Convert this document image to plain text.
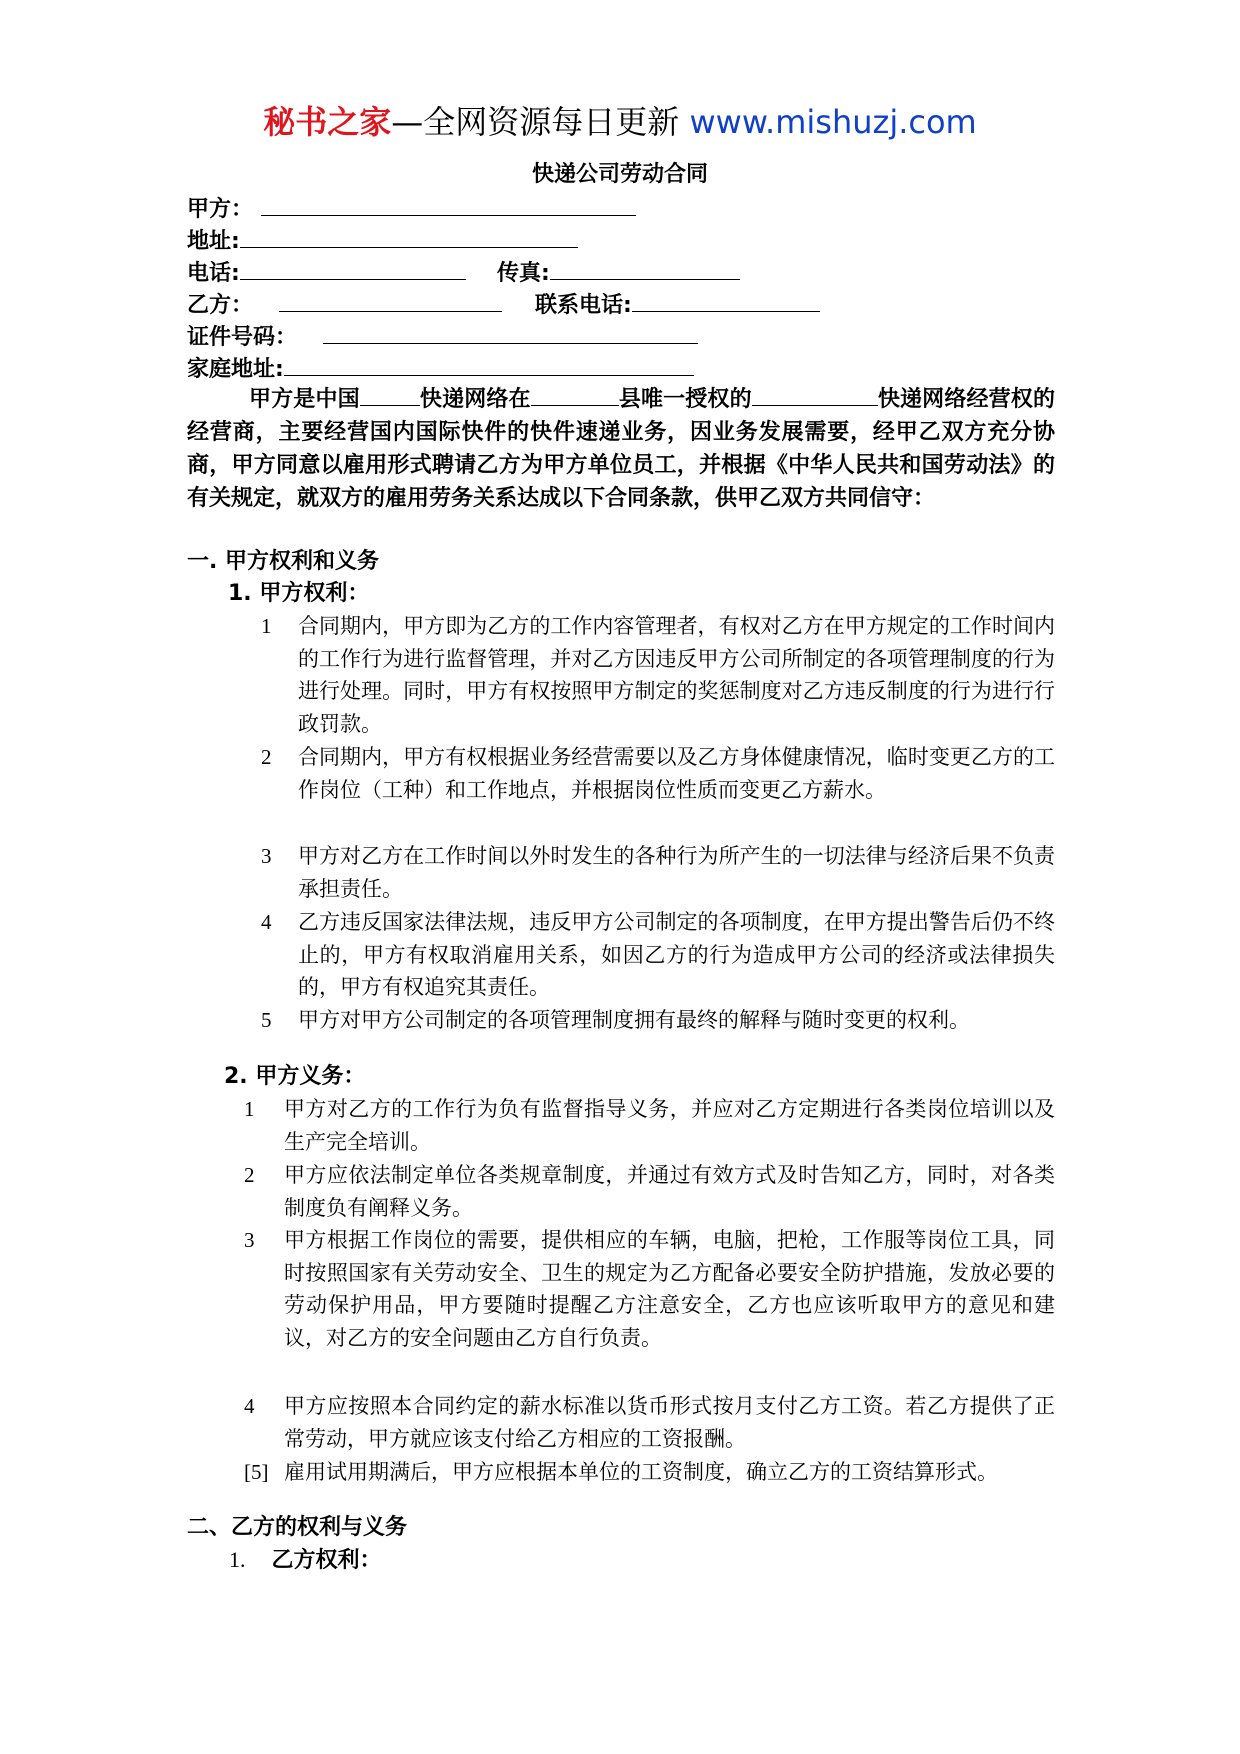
秘书之家—全网资源每日更新 www.mishuzj.com
快递公司劳动合同
甲方：
地址:
电话:	传真:
乙方：	联系电话:
证件号码：
家庭地址:
甲方是中国	快递网络在	县唯一授权的	快递网络经营权的经营商，主要经营国内国际快件的快件速递业务，因业务发展需要，经甲乙双方充分协商，甲方同意以雇用形式聘请乙方为甲方单位员工，并根据《中华人民共和国劳动法》的有关规定，就双方的雇用劳务关系达成以下合同条款，供甲乙双方共同信守：
一. 甲方权利和义务
1. 甲方权利：
1 合同期内，甲方即为乙方的工作内容管理者，有权对乙方在甲方规定的工作时间内的工作行为进行监督管理，并对乙方因违反甲方公司所制定的各项管理制度的行为进行处理。同时，甲方有权按照甲方制定的奖惩制度对乙方违反制度的行为进行行政罚款。
2 合同期内，甲方有权根据业务经营需要以及乙方身体健康情况，临时变更乙方的工作岗位（工种）和工作地点，并根据岗位性质而变更乙方薪水。
3 甲方对乙方在工作时间以外时发生的各种行为所产生的一切法律与经济后果不负责承担责任。
4 乙方违反国家法律法规，违反甲方公司制定的各项制度，在甲方提出警告后仍不终止的，甲方有权取消雇用关系，如因乙方的行为造成甲方公司的经济或法律损失的，甲方有权追究其责任。
5 甲方对甲方公司制定的各项管理制度拥有最终的解释与随时变更的权利。
2. 甲方义务：
1 甲方对乙方的工作行为负有监督指导义务，并应对乙方定期进行各类岗位培训以及生产完全培训。
2 甲方应依法制定单位各类规章制度，并通过有效方式及时告知乙方，同时，对各类制度负有阐释义务。
3 甲方根据工作岗位的需要，提供相应的车辆，电脑，把枪，工作服等岗位工具，同时按照国家有关劳动安全、卫生的规定为乙方配备必要安全防护措施，发放必要的劳动保护用品，甲方要随时提醒乙方注意安全，乙方也应该听取甲方的意见和建议，对乙方的安全问题由乙方自行负责。
4 甲方应按照本合同约定的薪水标准以货币形式按月支付乙方工资。若乙方提供了正常劳动，甲方就应该支付给乙方相应的工资报酬。
[5] 雇用试用期满后，甲方应根据本单位的工资制度，确立乙方的工资结算形式。
二、乙方的权利与义务
1. 乙方权利：
